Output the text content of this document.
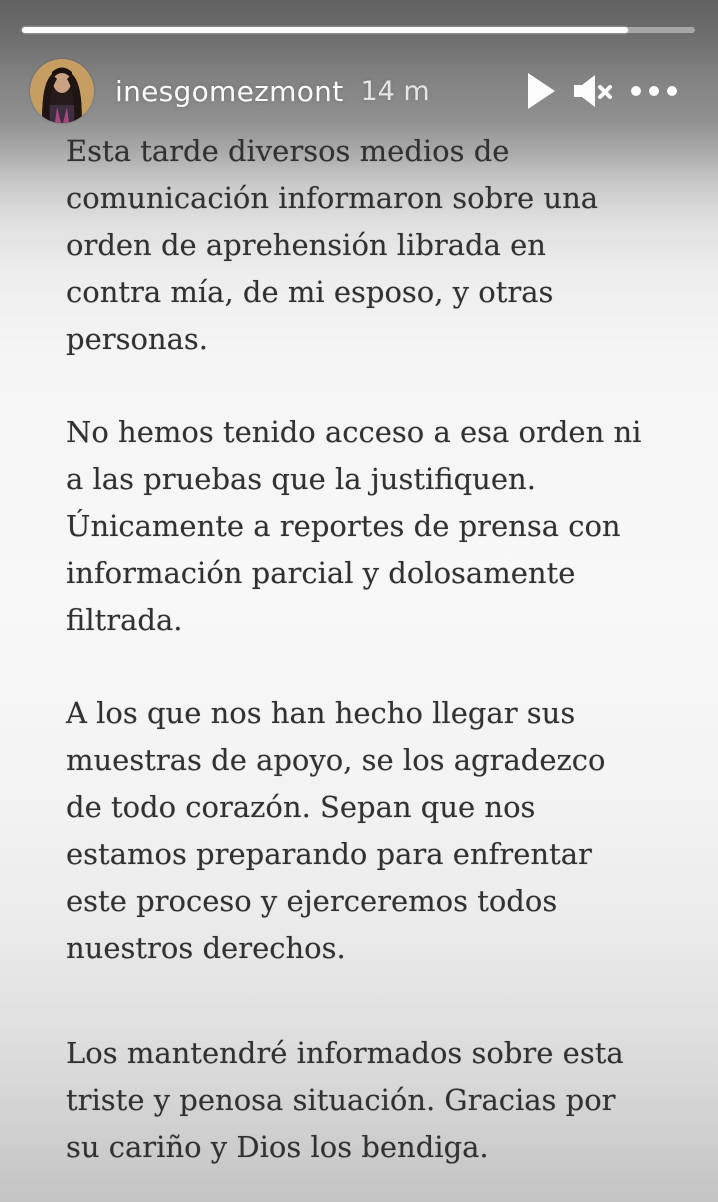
inesgomezmont 14 m
Esta tarde diversos medios de
comunicación informaron sobre una
orden de aprehensión librada en
contra mía, de mi esposo, y otras
personas.
No hemos tenido acceso a esa orden ni
a las pruebas que la justifiquen.
Únicamente a reportes de prensa con
información parcial y dolosamente
filtrada.
A los que nos han hecho llegar sus
muestras de apoyo, se los agradezco
de todo corazón. Sepan que nos
estamos preparando para enfrentar
este proceso y ejerceremos todos
nuestros derechos.
Los mantendré informados sobre esta
triste y penosa situación. Gracias por
su cariño y Dios los bendiga.
